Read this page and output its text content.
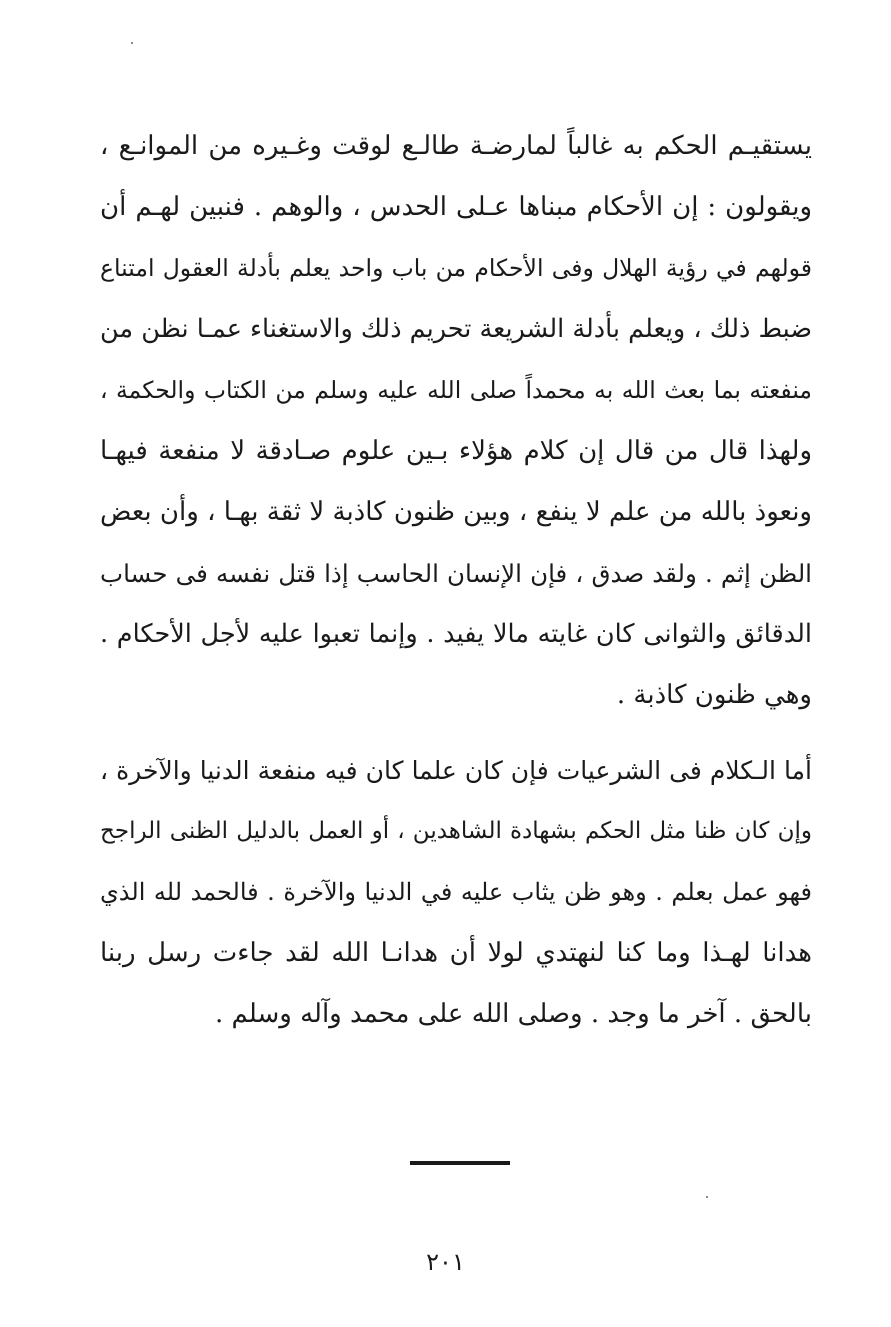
يستقيـم الحكم به غالباً لمارضـة طالـع لوقت وغـيره من الموانـع ،
ويقولون : إن الأحكام مبناها عـلى الحدس ، والوهم . فنبين لهـم أن
قولهم في رؤية الهلال وفى الأحكام من باب واحد يعلم بأدلة العقول امتناع
ضبط ذلك ، ويعلم بأدلة الشريعة تحريم ذلك والاستغناء عمـا نظن من
منفعته بما بعث الله به محمداً صلى الله عليه وسلم من الكتاب والحكمة ،
ولهذا قال من قال إن كلام هؤلاء بـين علوم صـادقة لا منفعة فيهـا
ونعوذ بالله من علم لا ينفع ، وبين ظنون كاذبة لا ثقة بهـا ، وأن بعض
الظن إثم . ولقد صدق ، فإن الإنسان الحاسب إذا قتل نفسه فى حساب
الدقائق والثوانى كان غايته مالا يفيد . وإنما تعبوا عليه لأجل الأحكام .
وهي ظنون كاذبة .
أما الـكلام فى الشرعيات فإن كان علما كان فيه منفعة الدنيا والآخرة ،
وإن كان ظنا مثل الحكم بشهادة الشاهدين ، أو العمل بالدليل الظنى الراجح
فهو عمل بعلم . وهو ظن يثاب عليه في الدنيا والآخرة . فالحمد لله الذي
هدانا لهـذا وما كنا لنهتدي لولا أن هدانـا الله لقد جاءت رسل ربنا
بالحق . آخر ما وجد . وصلى الله على محمد وآله وسلم .
٢٠١
